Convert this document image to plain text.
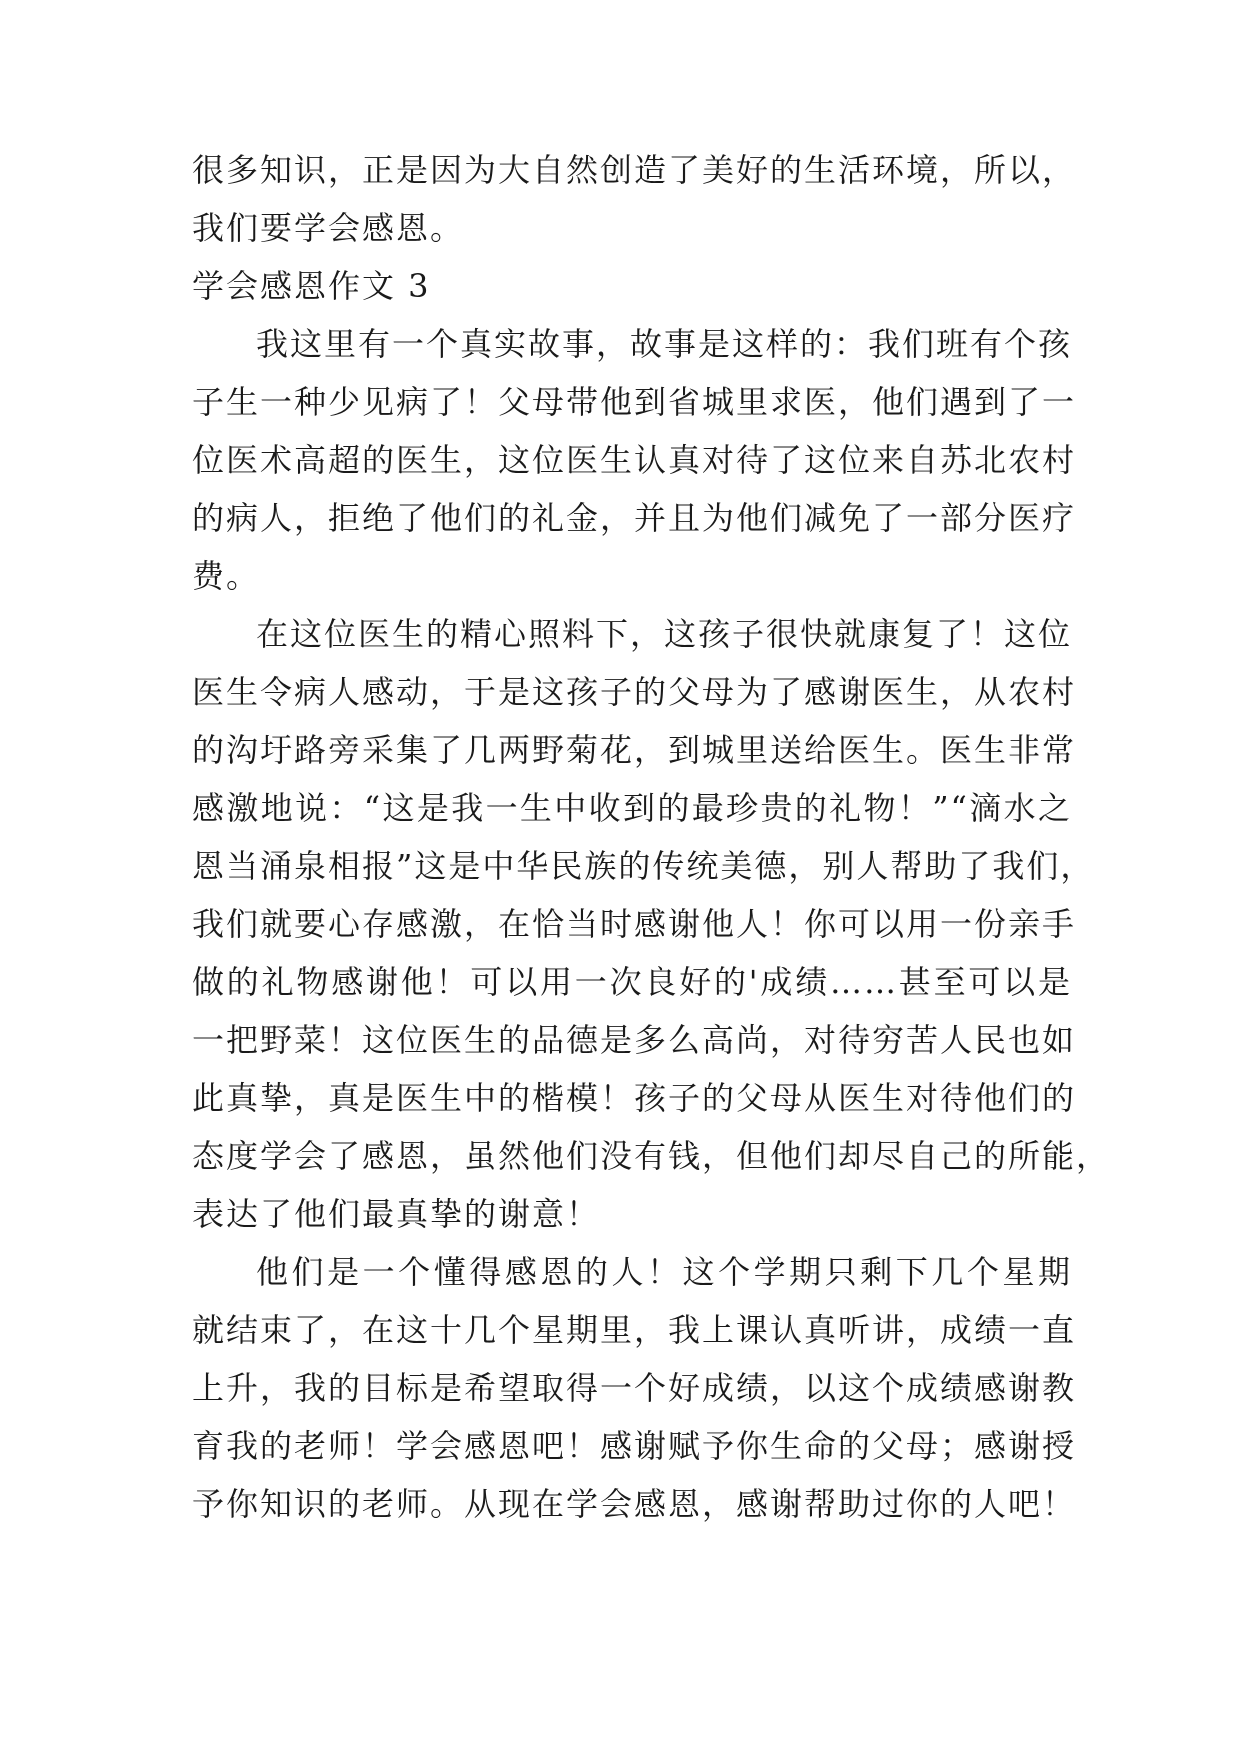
很多知识，正是因为大自然创造了美好的生活环境，所以，
我们要学会感恩。
学会感恩作文 3
我这里有一个真实故事，故事是这样的：我们班有个孩
子生一种少见病了！父母带他到省城里求医，他们遇到了一
位医术高超的医生，这位医生认真对待了这位来自苏北农村
的病人，拒绝了他们的礼金，并且为他们减免了一部分医疗
费。
在这位医生的精心照料下，这孩子很快就康复了！这位
医生令病人感动，于是这孩子的父母为了感谢医生，从农村
的沟圩路旁采集了几两野菊花，到城里送给医生。医生非常
感激地说：“这是我一生中收到的最珍贵的礼物！”“滴水之
恩当涌泉相报”这是中华民族的传统美德，别人帮助了我们，
我们就要心存感激，在恰当时感谢他人！你可以用一份亲手
做的礼物感谢他！可以用一次良好的'成绩……甚至可以是
一把野菜！这位医生的品德是多么高尚，对待穷苦人民也如
此真挚，真是医生中的楷模！孩子的父母从医生对待他们的
态度学会了感恩，虽然他们没有钱，但他们却尽自己的所能，
表达了他们最真挚的谢意！
他们是一个懂得感恩的人！这个学期只剩下几个星期
就结束了，在这十几个星期里，我上课认真听讲，成绩一直
上升，我的目标是希望取得一个好成绩，以这个成绩感谢教
育我的老师！学会感恩吧！感谢赋予你生命的父母；感谢授
予你知识的老师。从现在学会感恩，感谢帮助过你的人吧！
